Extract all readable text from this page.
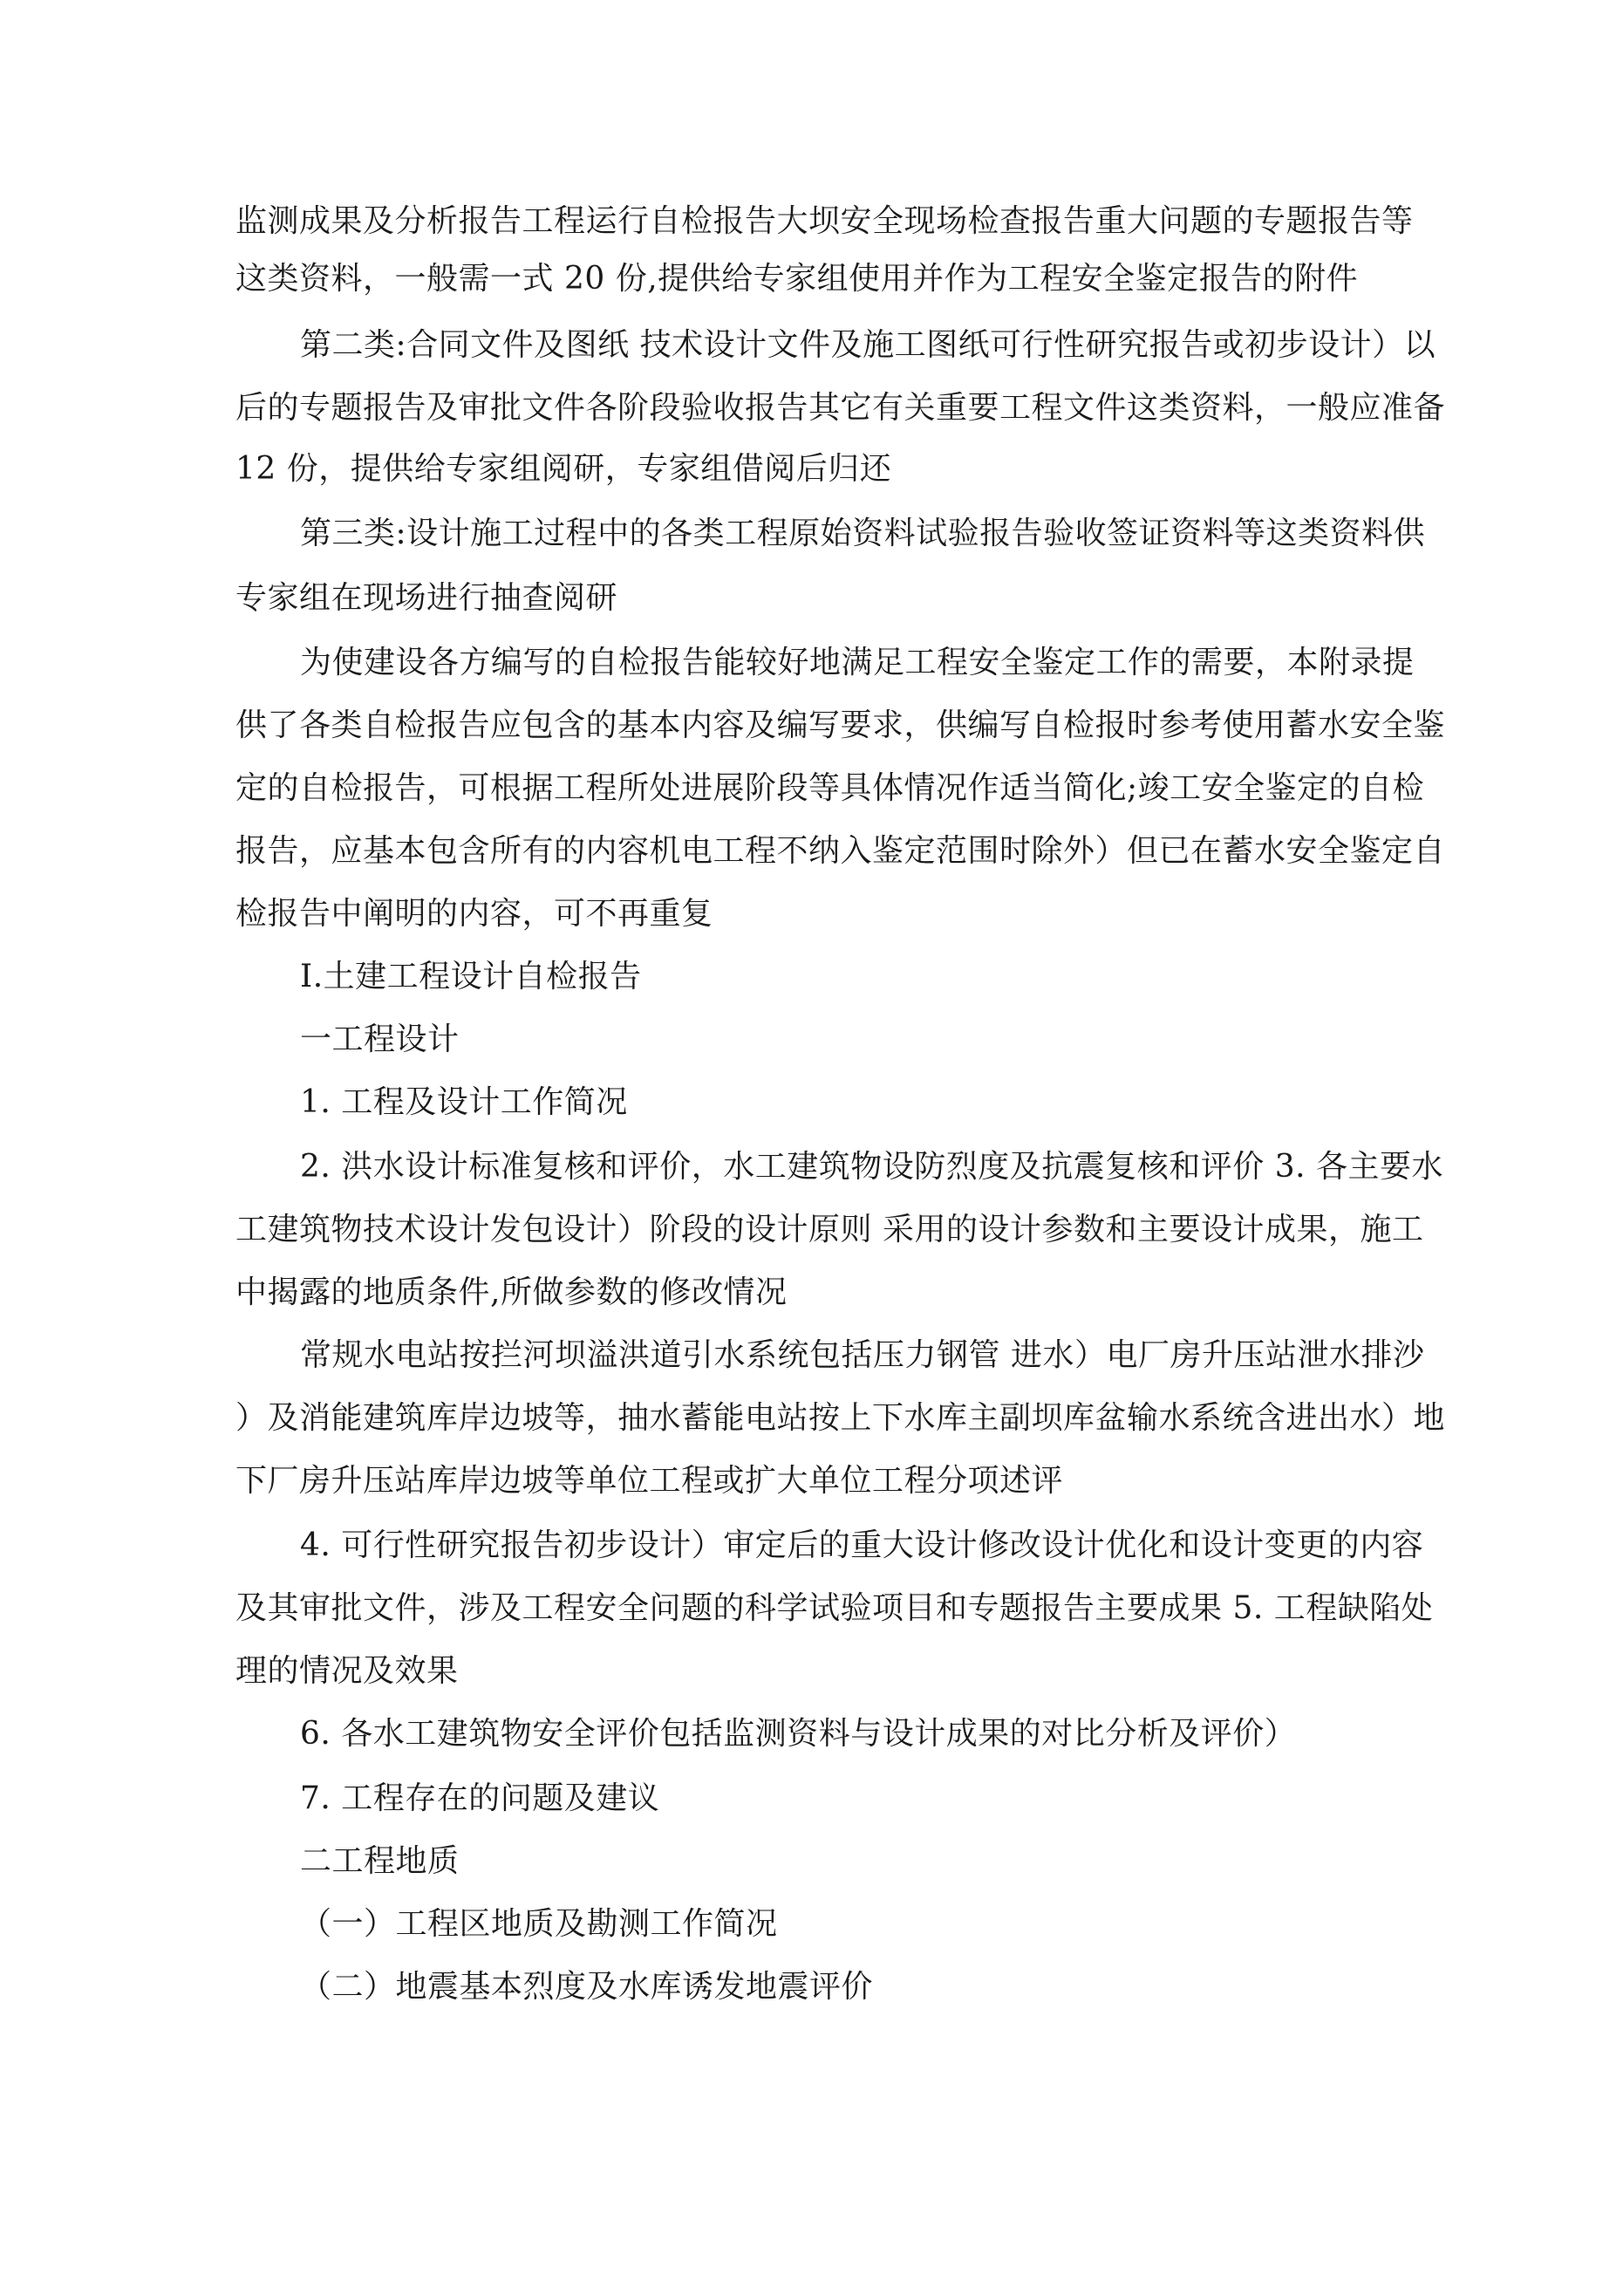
监测成果及分析报告工程运行自检报告大坝安全现场检查报告重大问题的专题报告等
这类资料，一般需一式 20 份,提供给专家组使用并作为工程安全鉴定报告的附件
第二类:合同文件及图纸 技术设计文件及施工图纸可行性研究报告或初步设计）以
后的专题报告及审批文件各阶段验收报告其它有关重要工程文件这类资料，一般应准备
12 份，提供给专家组阅研，专家组借阅后归还
第三类:设计施工过程中的各类工程原始资料试验报告验收签证资料等这类资料供
专家组在现场进行抽查阅研
为使建设各方编写的自检报告能较好地满足工程安全鉴定工作的需要，本附录提
供了各类自检报告应包含的基本内容及编写要求，供编写自检报时参考使用蓄水安全鉴
定的自检报告，可根据工程所处进展阶段等具体情况作适当简化;竣工安全鉴定的自检
报告，应基本包含所有的内容机电工程不纳入鉴定范围时除外）但已在蓄水安全鉴定自
检报告中阐明的内容，可不再重复
Ⅰ.土建工程设计自检报告
一工程设计
1. 工程及设计工作简况
2. 洪水设计标准复核和评价，水工建筑物设防烈度及抗震复核和评价 3. 各主要水
工建筑物技术设计发包设计）阶段的设计原则 采用的设计参数和主要设计成果，施工
中揭露的地质条件,所做参数的修改情况
常规水电站按拦河坝溢洪道引水系统包括压力钢管 进水）电厂房升压站泄水排沙
）及消能建筑库岸边坡等，抽水蓄能电站按上下水库主副坝库盆输水系统含进出水）地
下厂房升压站库岸边坡等单位工程或扩大单位工程分项述评
4. 可行性研究报告初步设计）审定后的重大设计修改设计优化和设计变更的内容
及其审批文件，涉及工程安全问题的科学试验项目和专题报告主要成果 5. 工程缺陷处
理的情况及效果
6. 各水工建筑物安全评价包括监测资料与设计成果的对比分析及评价）
7. 工程存在的问题及建议
二工程地质
（一）工程区地质及勘测工作简况
（二）地震基本烈度及水库诱发地震评价
